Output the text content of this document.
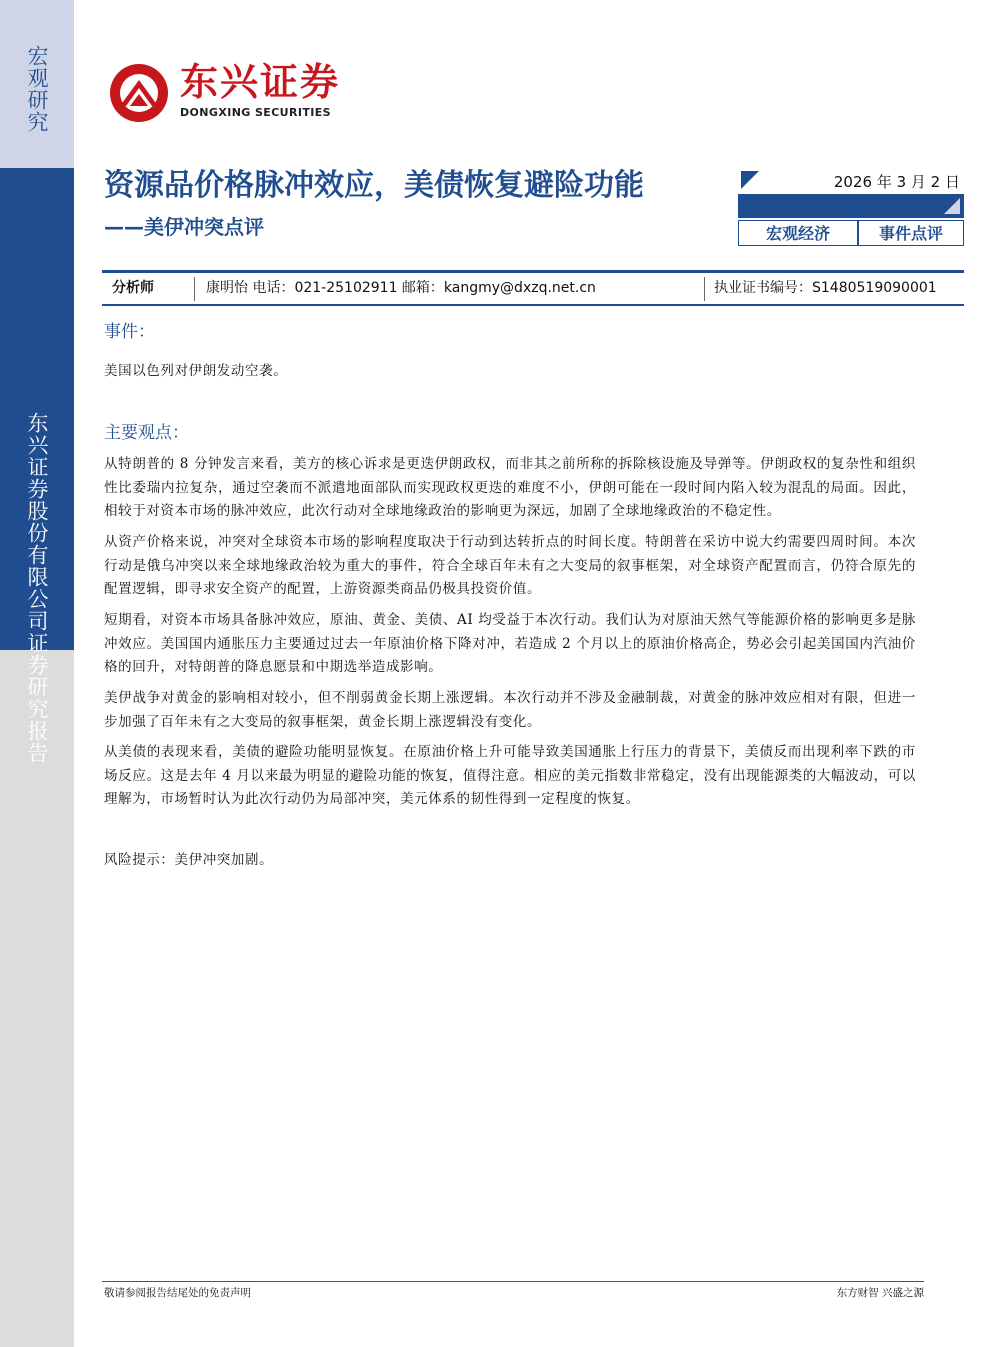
宏观研究
东兴证券股份有限公司证券研究报告
东兴证券
DONGXING SECURITIES
资源品价格脉冲效应，美债恢复避险功能
——美伊冲突点评
2026 年 3 月 2 日
宏观经济	事件点评
分析师	康明怡 电话：021-25102911 邮箱：kangmy@dxzq.net.cn	执业证书编号：S1480519090001
事件：
美国以色列对伊朗发动空袭。
主要观点：
从特朗普的 8 分钟发言来看，美方的核心诉求是更迭伊朗政权，而非其之前所称的拆除核设施及导弹等。伊朗政权的复杂性和组织性比委瑞内拉复杂，通过空袭而不派遣地面部队而实现政权更迭的难度不小，伊朗可能在一段时间内陷入较为混乱的局面。因此，相较于对资本市场的脉冲效应，此次行动对全球地缘政治的影响更为深远，加剧了全球地缘政治的不稳定性。
从资产价格来说，冲突对全球资本市场的影响程度取决于行动到达转折点的时间长度。特朗普在采访中说大约需要四周时间。本次行动是俄乌冲突以来全球地缘政治较为重大的事件，符合全球百年未有之大变局的叙事框架，对全球资产配置而言，仍符合原先的配置逻辑，即寻求安全资产的配置，上游资源类商品仍极具投资价值。
短期看，对资本市场具备脉冲效应，原油、黄金、美债、AI 均受益于本次行动。我们认为对原油天然气等能源价格的影响更多是脉冲效应。美国国内通胀压力主要通过过去一年原油价格下降对冲，若造成 2 个月以上的原油价格高企，势必会引起美国国内汽油价格的回升，对特朗普的降息愿景和中期选举造成影响。
美伊战争对黄金的影响相对较小，但不削弱黄金长期上涨逻辑。本次行动并不涉及金融制裁，对黄金的脉冲效应相对有限，但进一步加强了百年未有之大变局的叙事框架，黄金长期上涨逻辑没有变化。
从美债的表现来看，美债的避险功能明显恢复。在原油价格上升可能导致美国通胀上行压力的背景下，美债反而出现利率下跌的市场反应。这是去年 4 月以来最为明显的避险功能的恢复，值得注意。相应的美元指数非常稳定，没有出现能源类的大幅波动，可以理解为，市场暂时认为此次行动仍为局部冲突，美元体系的韧性得到一定程度的恢复。
风险提示：美伊冲突加剧。
敬请参阅报告结尾处的免责声明	东方财智 兴盛之源
